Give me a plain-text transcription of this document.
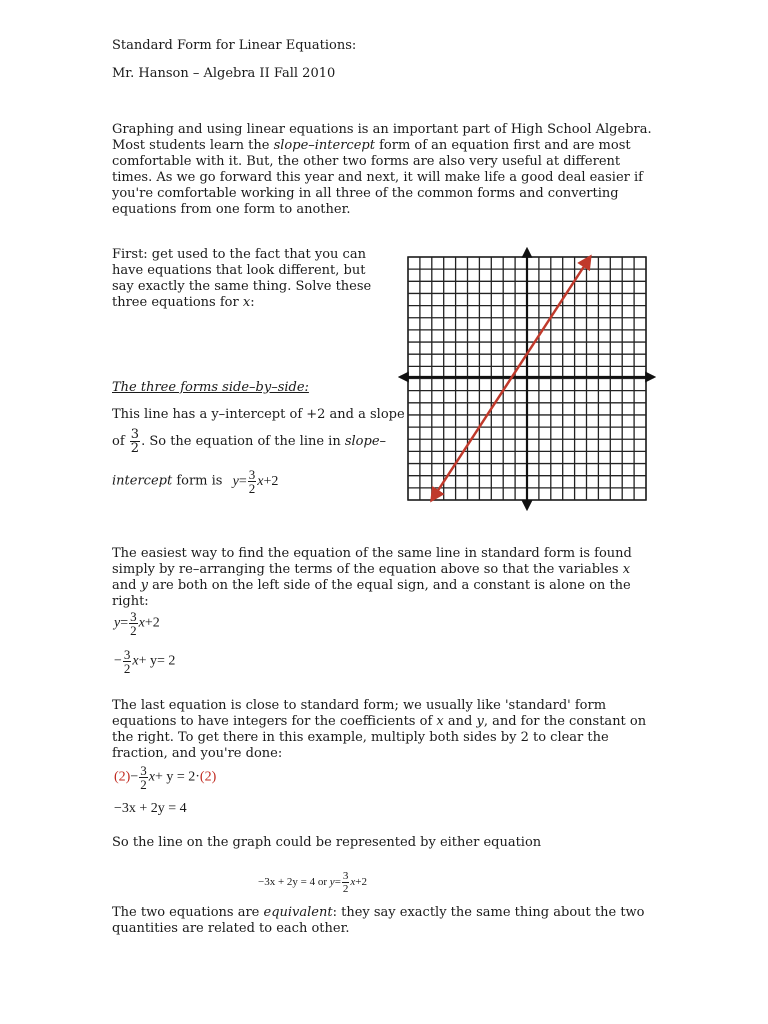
Standard Form for Linear Equations:
Mr. Hanson – Algebra II Fall 2010
Graphing and using linear equations is an important part of High School Algebra. Most students learn the slope–intercept form of an equation first and are most comfortable with it. But, the other two forms are also very useful at different times. As we go forward this year and next, it will make life a good deal easier if you're comfortable working in all three of the common forms and converting equations from one form to another.
First: get used to the fact that you can have equations that look different, but say exactly the same thing. Solve these three equations for x:
The three forms side–by–side:
This line has a y–intercept of +2 and a slope
of $\frac{3}{2}$ . So the equation of the line in slope–
intercept form is $y= \frac{3}{2} x+2$
The easiest way to find the equation of the same line in standard form is found simply by re–arranging the terms of the equation above so that the variables x and y are both on the left side of the equal sign, and a constant is alone on the right:
$y= \frac{3}{2} x+2$
− $\frac{3}{2} x+ y= 2$
The last equation is close to standard form; we usually like 'standard' form equations to have integers for the coefficients of x and y, and for the constant on the right. To get there in this example, multiply both sides by 2 to clear the fraction, and you're done:
$(2)- \frac{3}{2} x+ y = 2\cdot(2)$
−3x + 2y = 4
So the line on the graph could be represented by either equation
−3x + 2y = 4 or $y= \frac{3}{2} x+2$
The two equations are equivalent: they say exactly the same thing about the two quantities are related to each other.
